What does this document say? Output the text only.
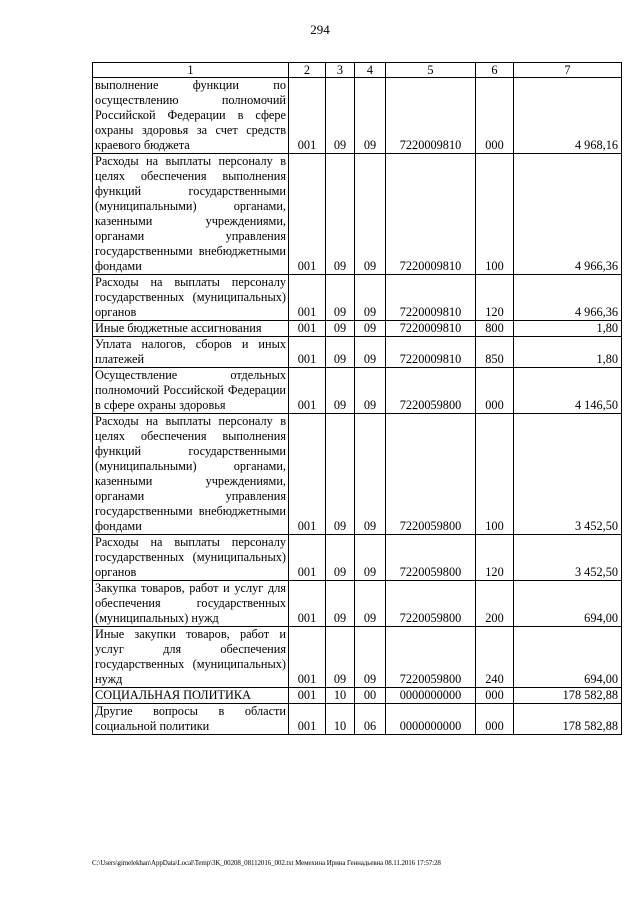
294
1	2	3	4	5	6	7
выполнение функции по осуществлению полномочий Российской Федерации в сфере охраны здоровья за счет средств краевого бюджета	001	09	09	7220009810	000	4 968,16
Расходы на выплаты персоналу в целях обеспечения выполнения функций государственными (муниципальными) органами, казенными учреждениями, органами управления государственными внебюджетными фондами	001	09	09	7220009810	100	4 966,36
Расходы на выплаты персоналу государственных (муниципальных) органов	001	09	09	7220009810	120	4 966,36
Иные бюджетные ассигнования	001	09	09	7220009810	800	1,80
Уплата налогов, сборов и иных платежей	001	09	09	7220009810	850	1,80
Осуществление отдельных полномочий Российской Федерации в сфере охраны здоровья	001	09	09	7220059800	000	4 146,50
Расходы на выплаты персоналу в целях обеспечения выполнения функций государственными (муниципальными) органами, казенными учреждениями, органами управления государственными внебюджетными фондами	001	09	09	7220059800	100	3 452,50
Расходы на выплаты персоналу государственных (муниципальных) органов	001	09	09	7220059800	120	3 452,50
Закупка товаров, работ и услуг для обеспечения государственных (муниципальных) нужд	001	09	09	7220059800	200	694,00
Иные закупки товаров, работ и услуг для обеспечения государственных (муниципальных) нужд	001	09	09	7220059800	240	694,00
СОЦИАЛЬНАЯ ПОЛИТИКА	001	10	00	0000000000	000	178 582,88
Другие вопросы в области социальной политики	001	10	06	0000000000	000	178 582,88
C:\Users\gimelekhan\AppData\Local\Temp\3K_00208_08112016_002.txt Мемехина Ирина Геннадьевна 08.11.2016 17:57:28
